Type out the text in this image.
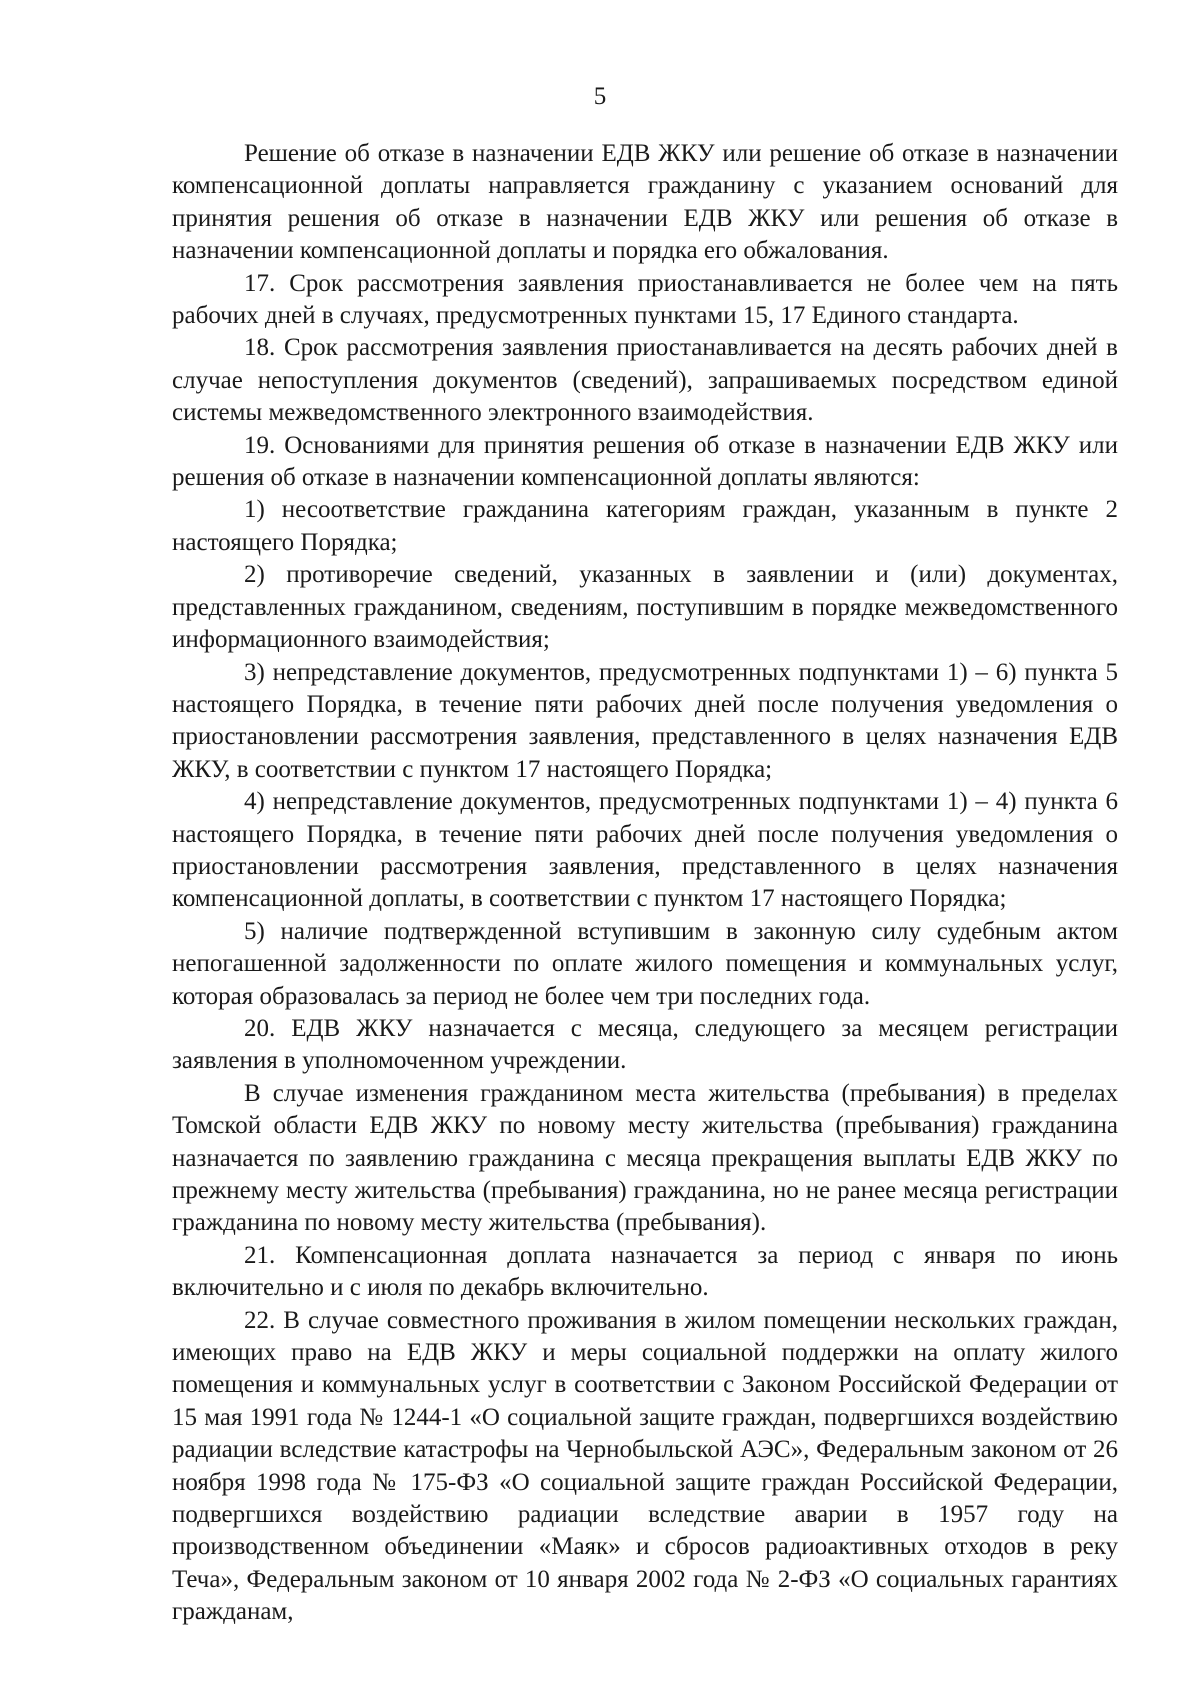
5

Решение об отказе в назначении ЕДВ ЖКУ или решение об отказе в назначении компенсационной доплаты направляется гражданину с указанием оснований для принятия решения об отказе в назначении ЕДВ ЖКУ или решения об отказе в назначении компенсационной доплаты и порядка его обжалования.

17. Срок рассмотрения заявления приостанавливается не более чем на пять рабочих дней в случаях, предусмотренных пунктами 15, 17 Единого стандарта.

18. Срок рассмотрения заявления приостанавливается на десять рабочих дней в случае непоступления документов (сведений), запрашиваемых посредством единой системы межведомственного электронного взаимодействия.

19. Основаниями для принятия решения об отказе в назначении ЕДВ ЖКУ или решения об отказе в назначении компенсационной доплаты являются:

1) несоответствие гражданина категориям граждан, указанным в пункте 2 настоящего Порядка;

2) противоречие сведений, указанных в заявлении и (или) документах, представленных гражданином, сведениям, поступившим в порядке межведомственного информационного взаимодействия;

3) непредставление документов, предусмотренных подпунктами 1) – 6) пункта 5 настоящего Порядка, в течение пяти рабочих дней после получения уведомления о приостановлении рассмотрения заявления, представленного в целях назначения ЕДВ ЖКУ, в соответствии с пунктом 17 настоящего Порядка;

4) непредставление документов, предусмотренных подпунктами 1) – 4) пункта 6 настоящего Порядка, в течение пяти рабочих дней после получения уведомления о приостановлении рассмотрения заявления, представленного в целях назначения компенсационной доплаты, в соответствии с пунктом 17 настоящего Порядка;

5) наличие подтвержденной вступившим в законную силу судебным актом непогашенной задолженности по оплате жилого помещения и коммунальных услуг, которая образовалась за период не более чем три последних года.

20. ЕДВ ЖКУ назначается с месяца, следующего за месяцем регистрации заявления в уполномоченном учреждении.

В случае изменения гражданином места жительства (пребывания) в пределах Томской области ЕДВ ЖКУ по новому месту жительства (пребывания) гражданина назначается по заявлению гражданина с месяца прекращения выплаты ЕДВ ЖКУ по прежнему месту жительства (пребывания) гражданина, но не ранее месяца регистрации гражданина по новому месту жительства (пребывания).

21. Компенсационная доплата назначается за период с января по июнь включительно и с июля по декабрь включительно.

22. В случае совместного проживания в жилом помещении нескольких граждан, имеющих право на ЕДВ ЖКУ и меры социальной поддержки на оплату жилого помещения и коммунальных услуг в соответствии с Законом Российской Федерации от 15 мая 1991 года № 1244-1 «О социальной защите граждан, подвергшихся воздействию радиации вследствие катастрофы на Чернобыльской АЭС», Федеральным законом от 26 ноября 1998 года № 175-ФЗ «О социальной защите граждан Российской Федерации, подвергшихся воздействию радиации вследствие аварии в 1957 году на производственном объединении «Маяк» и сбросов радиоактивных отходов в реку Теча», Федеральным законом от 10 января 2002 года № 2-ФЗ «О социальных гарантиях гражданам,
